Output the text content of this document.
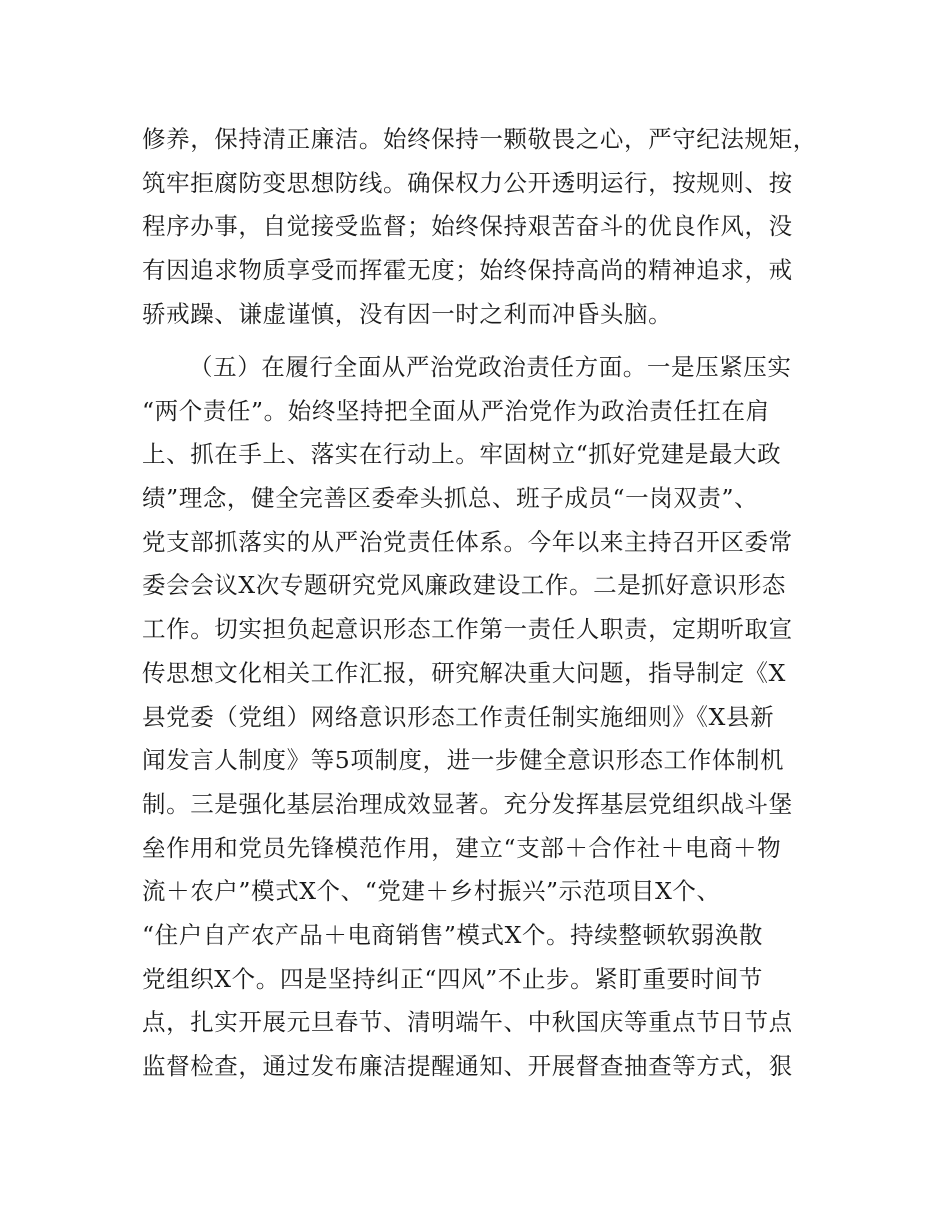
修养，保持清正廉洁。始终保持一颗敬畏之心，严守纪法规矩，
筑牢拒腐防变思想防线。确保权力公开透明运行，按规则、按
程序办事，自觉接受监督；始终保持艰苦奋斗的优良作风，没
有因追求物质享受而挥霍无度；始终保持高尚的精神追求，戒
骄戒躁、谦虚谨慎，没有因一时之利而冲昏头脑。
（五）在履行全面从严治党政治责任方面。一是压紧压实
“两个责任”。始终坚持把全面从严治党作为政治责任扛在肩
上、抓在手上、落实在行动上。牢固树立“抓好党建是最大政
绩”理念，健全完善区委牵头抓总、班子成员“一岗双责”、
党支部抓落实的从严治党责任体系。今年以来主持召开区委常
委会会议X次专题研究党风廉政建设工作。二是抓好意识形态
工作。切实担负起意识形态工作第一责任人职责，定期听取宣
传思想文化相关工作汇报，研究解决重大问题，指导制定《X
县党委（党组）网络意识形态工作责任制实施细则》《X县新
闻发言人制度》等5项制度，进一步健全意识形态工作体制机
制。三是强化基层治理成效显著。充分发挥基层党组织战斗堡
垒作用和党员先锋模范作用，建立“支部＋合作社＋电商＋物
流＋农户”模式X个、“党建＋乡村振兴”示范项目X个、
“住户自产农产品＋电商销售”模式X个。持续整顿软弱涣散
党组织X个。四是坚持纠正“四风”不止步。紧盯重要时间节
点，扎实开展元旦春节、清明端午、中秋国庆等重点节日节点
监督检查，通过发布廉洁提醒通知、开展督查抽查等方式，狠
